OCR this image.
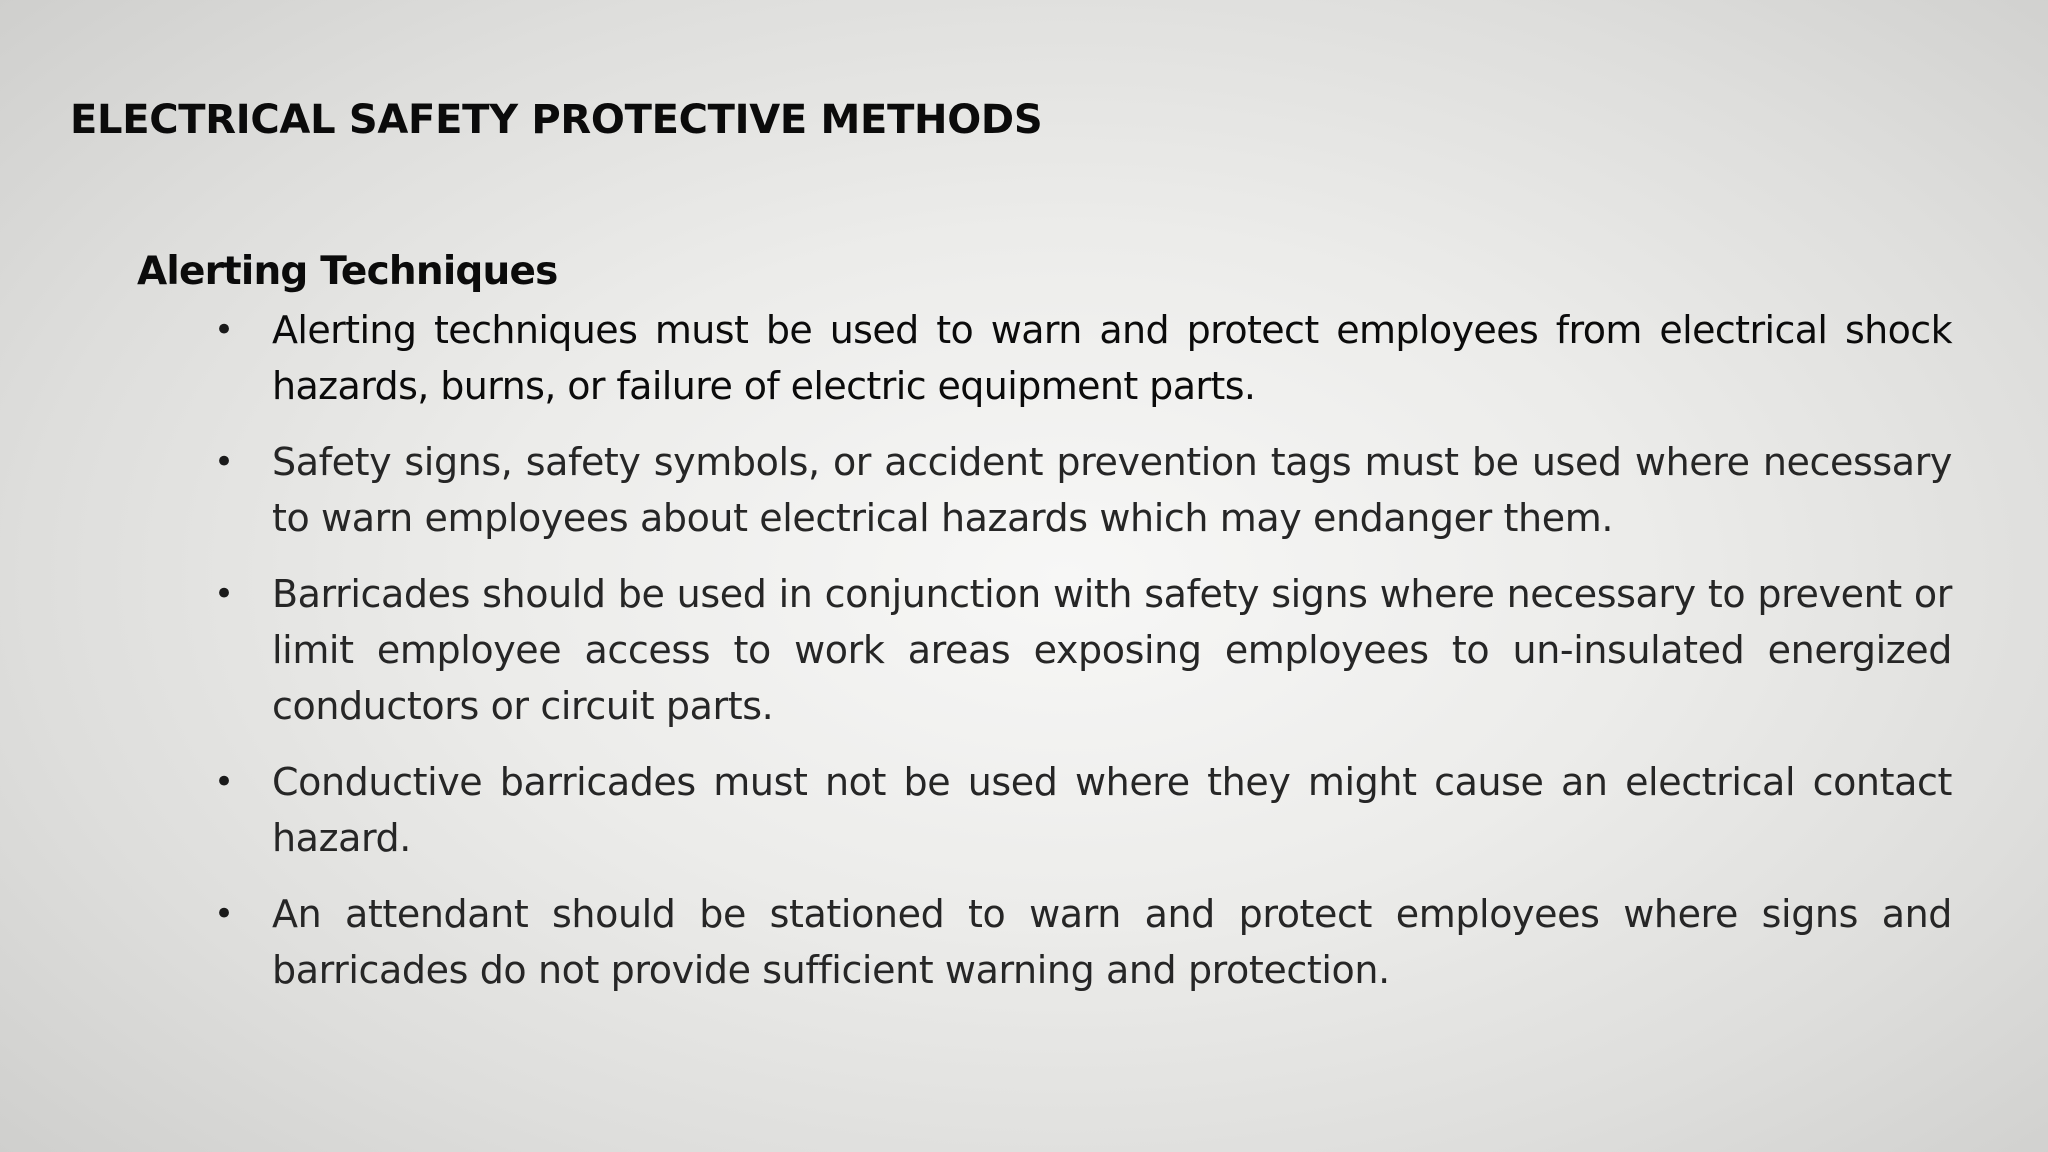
ELECTRICAL SAFETY PROTECTIVE METHODS
Alerting Techniques
• Alerting techniques must be used to warn and protect employees from electrical shock hazards, burns, or failure of electric equipment parts.
• Safety signs, safety symbols, or accident prevention tags must be used where necessary to warn employees about electrical hazards which may endanger them.
• Barricades should be used in conjunction with safety signs where necessary to prevent or limit employee access to work areas exposing employees to un-insulated energized conductors or circuit parts.
• Conductive barricades must not be used where they might cause an electrical contact hazard.
• An attendant should be stationed to warn and protect employees where signs and barricades do not provide sufficient warning and protection.
